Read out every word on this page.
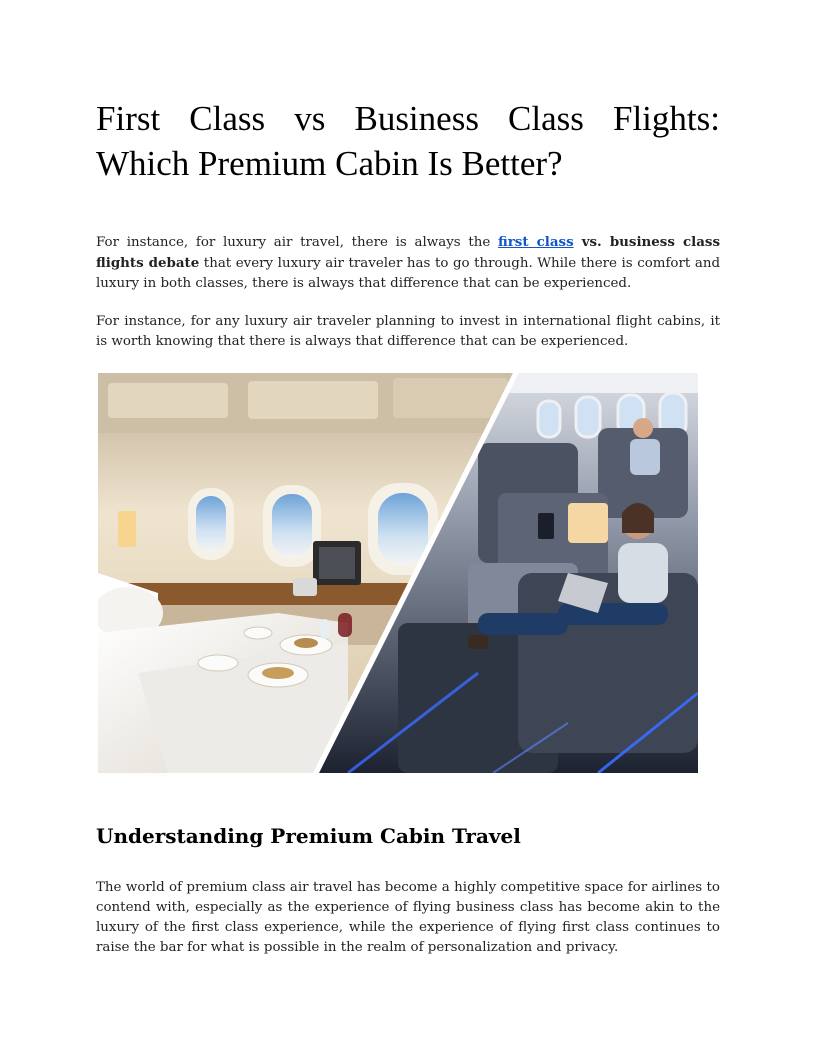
First Class vs Business Class Flights:
Which Premium Cabin Is Better?

For instance, for luxury air travel, there is always the first class vs. business class flights debate that every luxury air traveler has to go through. While there is comfort and luxury in both classes, there is always that difference that can be experienced.

For instance, for any luxury air traveler planning to invest in international flight cabins, it is worth knowing that there is always that difference that can be experienced.

Understanding Premium Cabin Travel

The world of premium class air travel has become a highly competitive space for airlines to contend with, especially as the experience of flying business class has become akin to the luxury of the first class experience, while the experience of flying first class continues to raise the bar for what is possible in the realm of personalization and privacy.
